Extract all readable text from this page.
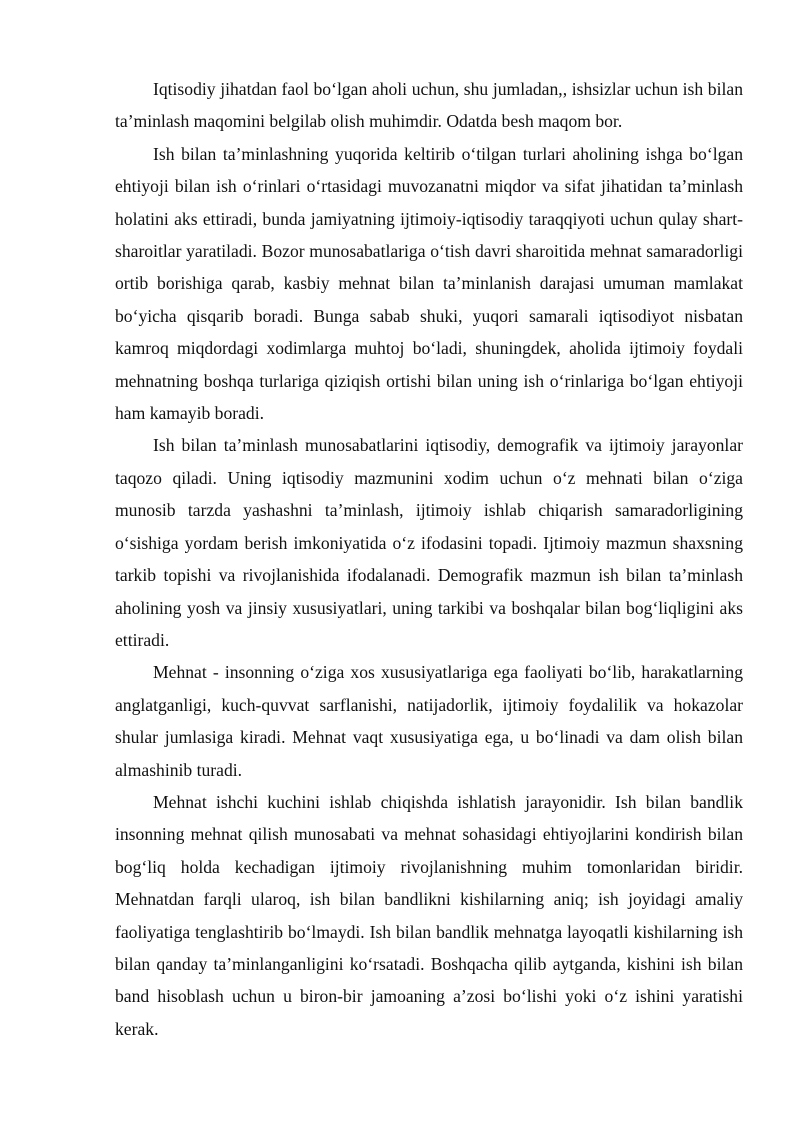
Iqtisodiy jihatdan faol bo‘lgan aholi uchun, shu jumladan,, ishsizlar uchun ish bilan ta’minlash maqomini belgilab olish muhimdir. Odatda besh maqom bor.

Ish bilan ta’minlashning yuqorida keltirib o‘tilgan turlari aholining ishga bo‘lgan ehtiyoji bilan ish o‘rinlari o‘rtasidagi muvozanatni miqdor va sifat jihatidan ta’minlash holatini aks ettiradi, bunda jamiyatning ijtimoiy-iqtisodiy taraqqiyoti uchun qulay shart-sharoitlar yaratiladi. Bozor munosabatlariga o‘tish davri sharoitida mehnat samaradorligi ortib borishiga qarab, kasbiy mehnat bilan ta’minlanish darajasi umuman mamlakat bo‘yicha qisqarib boradi. Bunga sabab shuki, yuqori samarali iqtisodiyot nisbatan kamroq miqdordagi xodimlarga muhtoj bo‘ladi, shuningdek, aholida ijtimoiy foydali mehnatning boshqa turlariga qiziqish ortishi bilan uning ish o‘rinlariga bo‘lgan ehtiyoji ham kamayib boradi.

Ish bilan ta’minlash munosabatlarini iqtisodiy, demografik va ijtimoiy jarayonlar taqozo qiladi. Uning iqtisodiy mazmunini xodim uchun o‘z mehnati bilan o‘ziga munosib tarzda yashashni ta’minlash, ijtimoiy ishlab chiqarish samaradorligining o‘sishiga yordam berish imkoniyatida o‘z ifodasini topadi. Ijtimoiy mazmun shaxsning tarkib topishi va rivojlanishida ifodalanadi. Demografik mazmun ish bilan ta’minlash aholining yosh va jinsiy xususiyatlari, uning tarkibi va boshqalar bilan bog‘liqligini aks ettiradi.

Mehnat - insonning o‘ziga xos xususiyatlariga ega faoliyati bo‘lib, harakatlarning anglatganligi, kuch-quvvat sarflanishi, natijadorlik, ijtimoiy foydalilik va hokazolar shular jumlasiga kiradi. Mehnat vaqt xususiyatiga ega, u bo‘linadi va dam olish bilan almashinib turadi.

Mehnat ishchi kuchini ishlab chiqishda ishlatish jarayonidir. Ish bilan bandlik insonning mehnat qilish munosabati va mehnat sohasidagi ehtiyojlarini kondirish bilan bog‘liq holda kechadigan ijtimoiy rivojlanishning muhim tomonlaridan biridir. Mehnatdan farqli ularoq, ish bilan bandlikni kishilarning aniq; ish joyidagi amaliy faoliyatiga tenglashtirib bo‘lmaydi. Ish bilan bandlik mehnatga layoqatli kishilarning ish bilan qanday ta’minlanganligini ko‘rsatadi. Boshqacha qilib aytganda, kishini ish bilan band hisoblash uchun u biron-bir jamoaning a’zosi bo‘lishi yoki o‘z ishini yaratishi kerak.
